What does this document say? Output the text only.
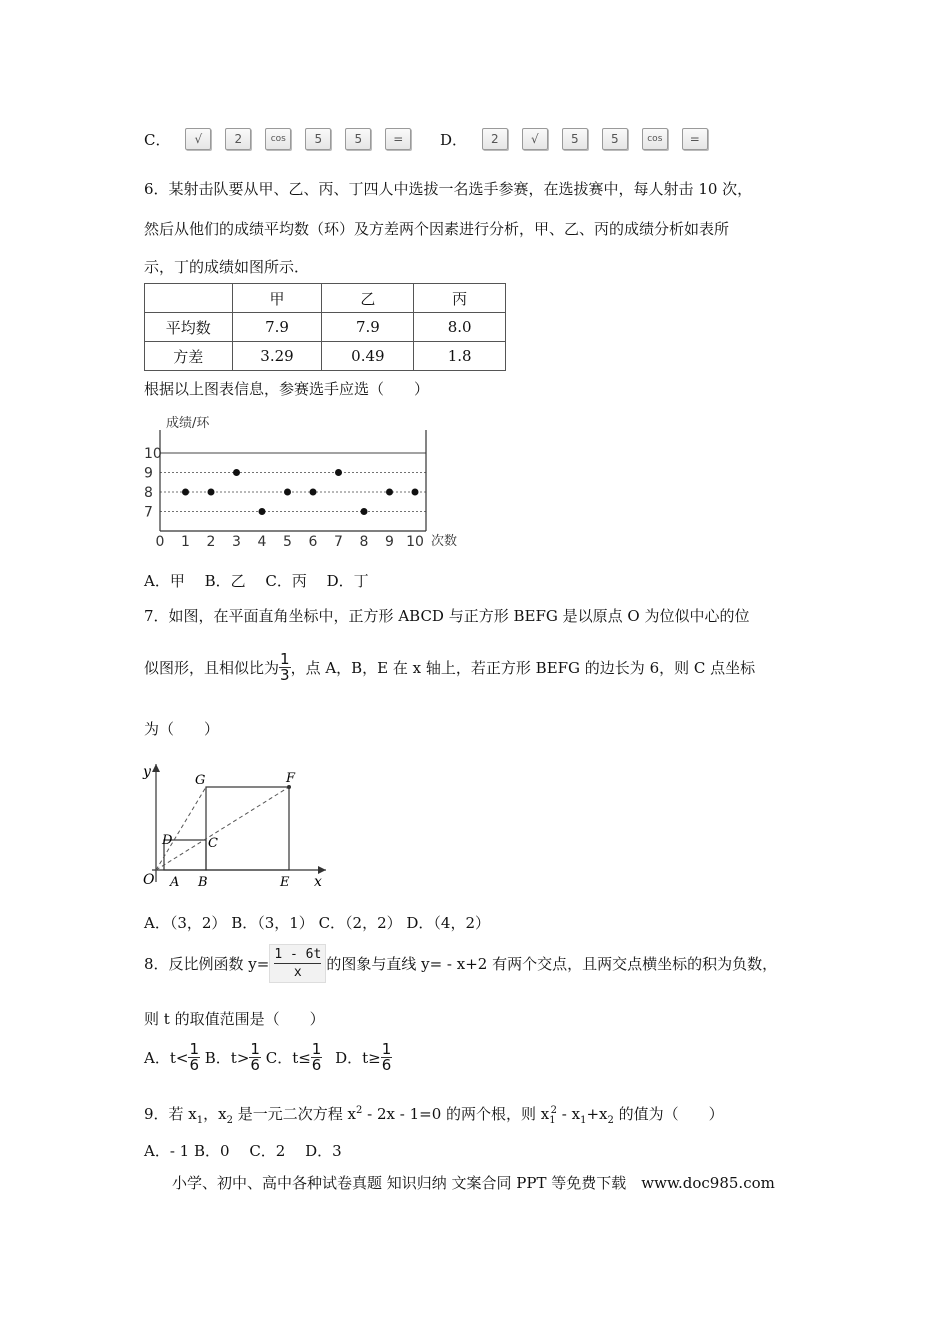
C． √	2	cos 5	5	=	D． 2	√	5	5	cos =
6．某射击队要从甲、乙、丙、丁四人中选拔一名选手参赛，在选拔赛中，每人射击 10 次，
然后从他们的成绩平均数（环）及方差两个因素进行分析，甲、乙、丙的成绩分析如表所
示，丁的成绩如图所示．
	甲	乙	丙
平均数	7.9	7.9	8.0
方差	3.29	0.49	1.8
根据以上图表信息，参赛选手应选（　　）
成绩/环
7
8
9
10
0 1 2 3 4 5 6 7 8 9 10 次数
A．甲　 B．乙　 C．丙　 D．丁
7．如图，在平面直角坐标中，正方形 ABCD 与正方形 BEFG 是以原点 O 为位似中心的位
似图形，且相似比为 $\frac{1}{3}$ ，点 A，B，E 在 x 轴上，若正方形 BEFG 的边长为 6，则 C 点坐标
为（　　）
y
x
O A B	E
C
D
G	F
A．（3，2） B．（3，1） C．（2，2） D．（4，2）
8．反比例函数 $y= \frac{1 - 6t}{x}$的图象与直线 y= - x+2 有两个交点，且两交点横坐标的积为负数，
则 t 的取值范围是（　　）
A．$t< \frac{1}{6}$ B．$t> \frac{1}{6}$ C．$t\le \frac{1}{6}$ D．$t\ge \frac{1}{6}$
9．若 $x_1$，$x_2$ 是一元二次方程 $x^2 - 2x - 1=0$ 的两个根，则 $x_1^2 - x_1+x_2$ 的值为（　　）
A．- 1 B．0 　C．2 　D．3
小学、初中、高中各种试卷真题 知识归纳 文案合同 PPT 等免费下载　www.doc985.com
